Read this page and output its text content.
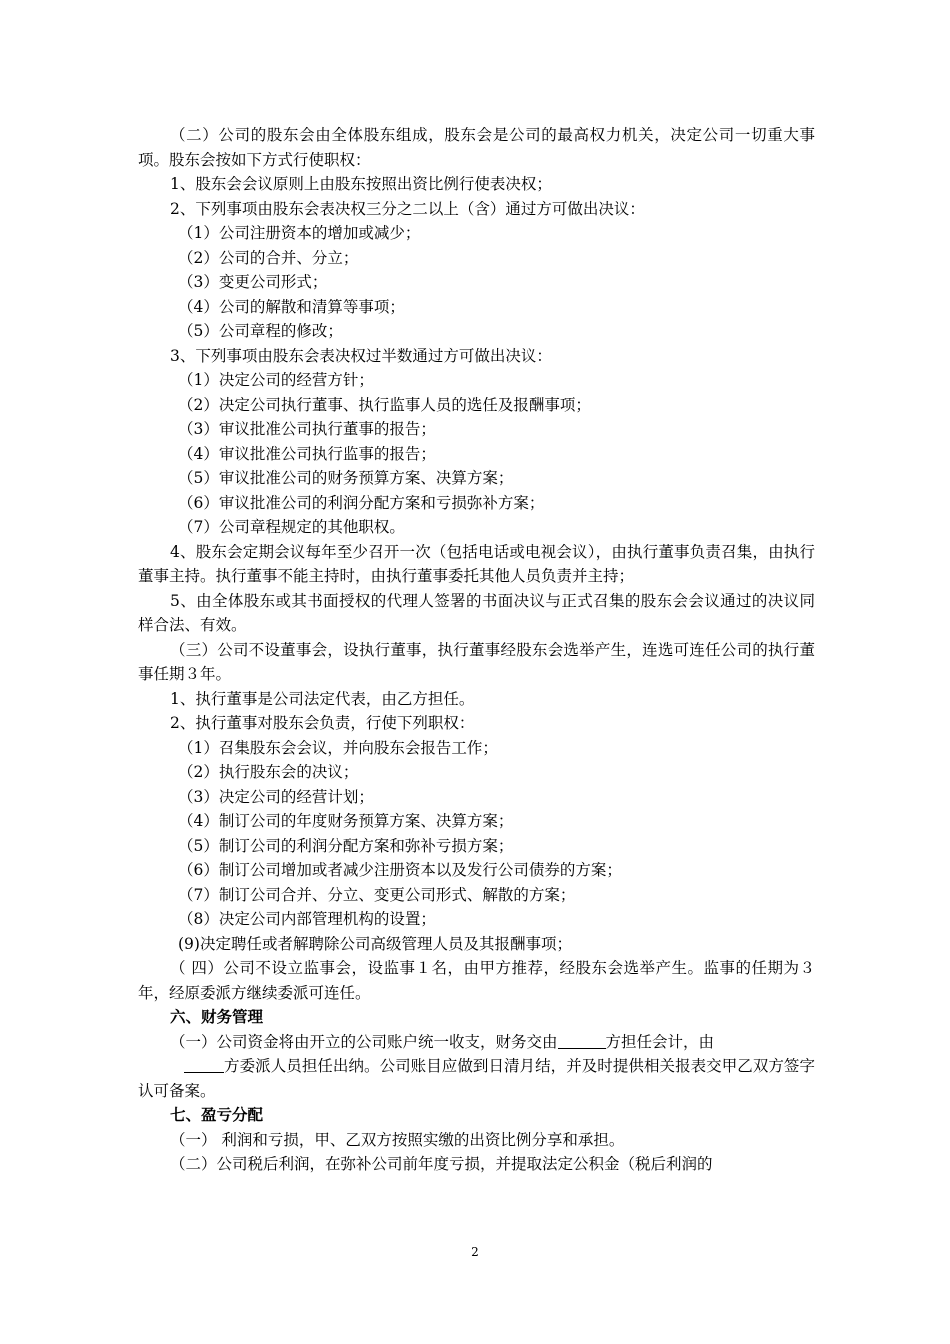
（二）公司的股东会由全体股东组成，股东会是公司的最高权力机关，决定公司一切重大事项。股东会按如下方式行使职权：
1、股东会会议原则上由股东按照出资比例行使表决权；
2、下列事项由股东会表决权三分之二以上（含）通过方可做出决议：
（1）公司注册资本的增加或减少；
（2）公司的合并、分立；
（3）变更公司形式；
（4）公司的解散和清算等事项；
（5）公司章程的修改；
3、下列事项由股东会表决权过半数通过方可做出决议：
（1）决定公司的经营方针；
（2）决定公司执行董事、执行监事人员的选任及报酬事项；
（3）审议批准公司执行董事的报告；
（4）审议批准公司执行监事的报告；
（5）审议批准公司的财务预算方案、决算方案；
（6）审议批准公司的利润分配方案和亏损弥补方案；
（7）公司章程规定的其他职权。
4、股东会定期会议每年至少召开一次（包括电话或电视会议），由执行董事负责召集，由执行董事主持。执行董事不能主持时，由执行董事委托其他人员负责并主持；
5、由全体股东或其书面授权的代理人签署的书面决议与正式召集的股东会会议通过的决议同样合法、有效。
（三）公司不设董事会，设执行董事，执行董事经股东会选举产生，连选可连任公司的执行董事任期３年。
1、执行董事是公司法定代表，由乙方担任。
2、执行董事对股东会负责，行使下列职权：
（1）召集股东会会议，并向股东会报告工作；
（2）执行股东会的决议；
（3）决定公司的经营计划；
（4）制订公司的年度财务预算方案、决算方案；
（5）制订公司的利润分配方案和弥补亏损方案；
（6）制订公司增加或者减少注册资本以及发行公司债券的方案；
（7）制订公司合并、分立、变更公司形式、解散的方案；
（8）决定公司内部管理机构的设置；
(9)决定聘任或者解聘除公司高级管理人员及其报酬事项；
（ 四）公司不设立监事会，设监事１名，由甲方推荐，经股东会选举产生。监事的任期为３年，经原委派方继续委派可连任。
六、财务管理
（一）公司资金将由开立的公司账户统一收支，财务交由	方担任会计，由
方委派人员担任出纳。公司账目应做到日清月结，并及时提供相关报表交甲乙双方签字认可备案。
七、盈亏分配
（一） 利润和亏损，甲、乙双方按照实缴的出资比例分享和承担。
（二）公司税后利润，在弥补公司前年度亏损，并提取法定公积金（税后利润的
2
